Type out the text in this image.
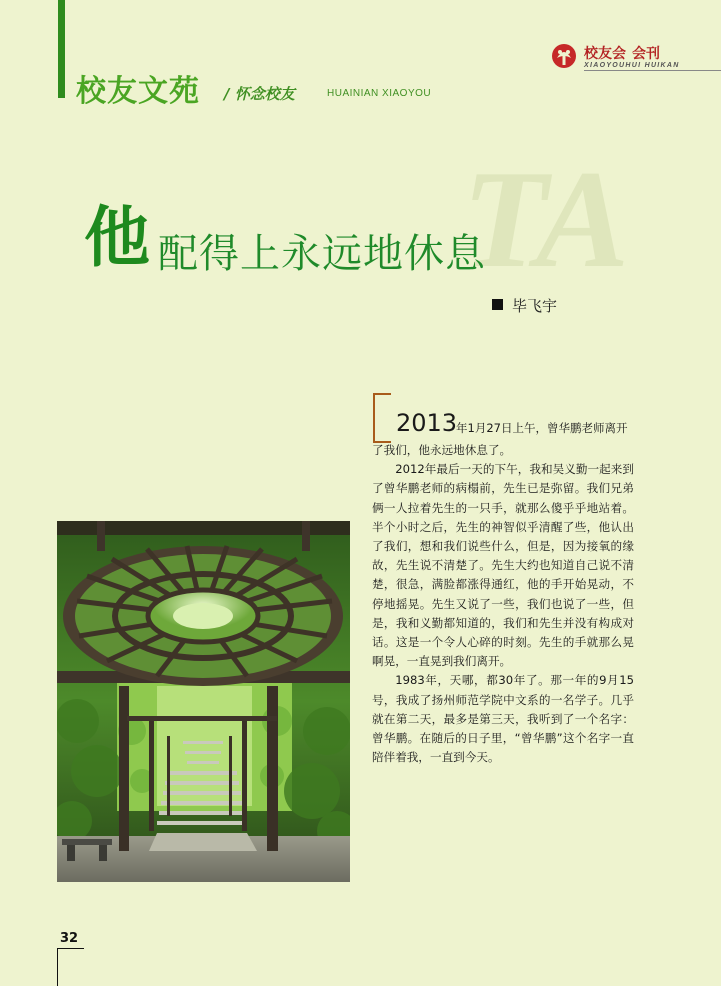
校友文苑 / 怀念校友	HUAINIAN XIAOYOU
校友会 会刊
XIAOYOUHUI HUIKAN
TA
他 配得上永远地休息
毕飞宇
2013
年1月27日上午，曾华鹏老师离开

了我们，他永远地休息了。

2012年最后一天的下午，我和吴义勤一起来到了曾华鹏老师的病榻前，先生已是弥留。我们兄弟俩一人拉着先生的一只手，就那么傻乎乎地站着。半个小时之后，先生的神智似乎清醒了些，他认出了我们，想和我们说些什么，但是，因为接氧的缘故，先生说不清楚了。先生大约也知道自己说不清楚，很急，满脸都涨得通红，他的手开始晃动，不停地摇晃。先生又说了一些，我们也说了一些，但是，我和义勤都知道的，我们和先生并没有构成对话。这是一个令人心碎的时刻。先生的手就那么晃啊晃，一直晃到我们离开。

1983年，天哪，都30年了。那一年的9月15号，我成了扬州师范学院中文系的一名学子。几乎就在第二天，最多是第三天，我听到了一个名字：曾华鹏。在随后的日子里，“曾华鹏”这个名字一直陪伴着我，一直到今天。

32
